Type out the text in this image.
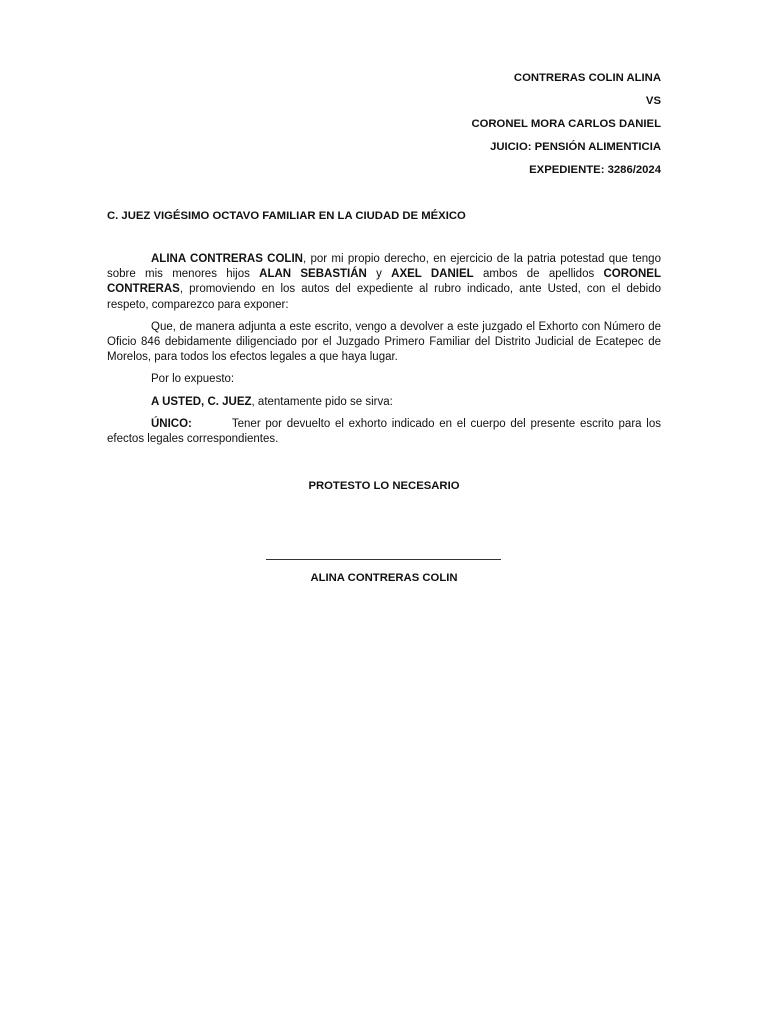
CONTRERAS COLIN ALINA
VS
CORONEL MORA CARLOS DANIEL
JUICIO: PENSIÓN ALIMENTICIA
EXPEDIENTE: 3286/2024
C. JUEZ VIGÉSIMO OCTAVO FAMILIAR EN LA CIUDAD DE MÉXICO

ALINA CONTRERAS COLIN, por mi propio derecho, en ejercicio de la patria potestad que tengo sobre mis menores hijos ALAN SEBASTIÁN y AXEL DANIEL ambos de apellidos CORONEL CONTRERAS, promoviendo en los autos del expediente al rubro indicado, ante Usted, con el debido respeto, comparezco para exponer:

Que, de manera adjunta a este escrito, vengo a devolver a este juzgado el Exhorto con Número de Oficio 846 debidamente diligenciado por el Juzgado Primero Familiar del Distrito Judicial de Ecatepec de Morelos, para todos los efectos legales a que haya lugar.

Por lo expuesto:

A USTED, C. JUEZ, atentamente pido se sirva:

ÚNICO:	Tener por devuelto el exhorto indicado en el cuerpo del presente escrito para los efectos legales correspondientes.

PROTESTO LO NECESARIO
ALINA CONTRERAS COLIN
